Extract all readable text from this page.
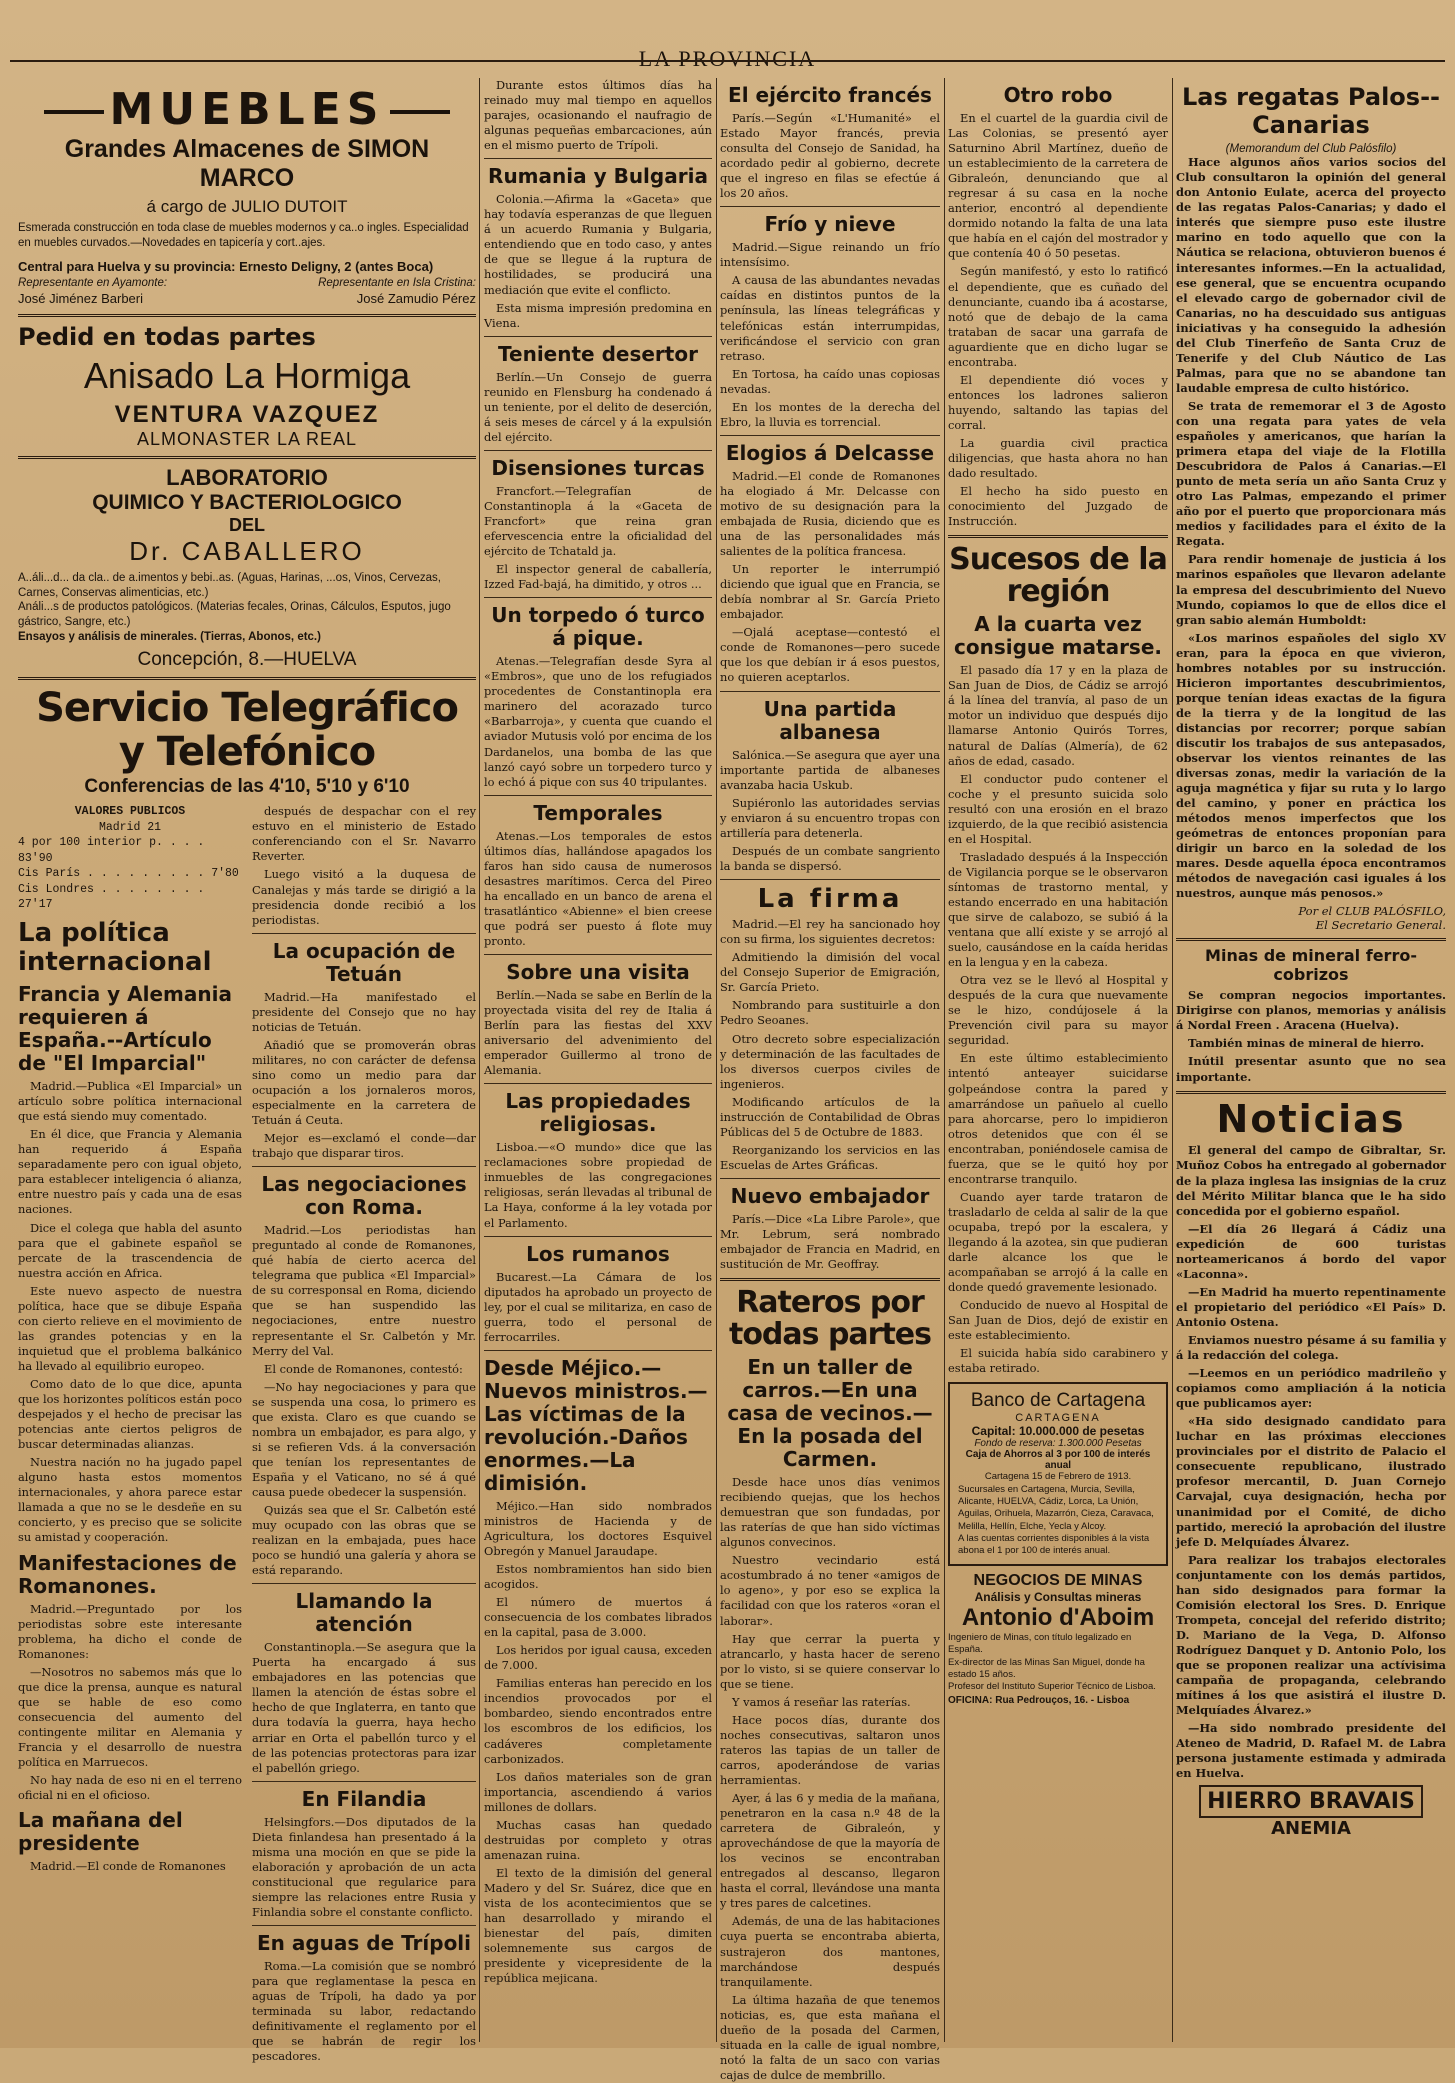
LA PROVINCIA
MUEBLES
Grandes Almacenes de SIMON MARCO
á cargo de JULIO DUTOIT
Esmerada construcción en toda clase de muebles modernos y ca..o ingles. Especialidad en muebles curvados.—Novedades en tapicería y cort..ajes.
Central para Huelva y su provincia: Ernesto Deligny, 2 (antes Boca)
Representante en Ayamonte:	Representante en Isla Cristina:
José Jiménez Barberi	José Zamudio Pérez
Pedid en todas partes
Anisado La Hormiga
VENTURA VAZQUEZ
ALMONASTER LA REAL
LABORATORIO
QUIMICO Y BACTERIOLOGICO
DEL
Dr. CABALLERO
A..áli...d... da cla.. de a.imentos y bebi..as. (Aguas, Harinas, ...os, Vinos, Cervezas, Carnes, Conservas alimenticias, etc.)
Análi...s de productos patológicos. (Materias fecales, Orinas, Cálculos, Esputos, jugo gástrico, Sangre, etc.)
Ensayos y análisis de minerales. (Tierras, Abonos, etc.)
Concepción, 8.—HUELVA
Servicio Telegráfico y Telefónico
Conferencias de las 4'10, 5'10 y 6'10
VALORES PUBLICOS
Madrid 21
4 por 100 interior p. . . . 83'90
Cis París . . . . . . . . . 7'80
Cis Londres . . . . . . . . 27'17
La política internacional
Francia y Alemania requieren á España.--Artículo de "El Imparcial"

Madrid.—Publica «El Imparcial» un artículo sobre política internacional que está siendo muy comentado.

En él dice, que Francia y Alemania han requerido á España separadamente pero con igual objeto, para establecer inteligencia ó alianza, entre nuestro país y cada una de esas naciones.

Dice el colega que habla del asunto para que el gabinete español se percate de la trascendencia de nuestra acción en Africa.

Este nuevo aspecto de nuestra política, hace que se dibuje España con cierto relieve en el movimiento de las grandes potencias y en la inquietud que el problema balkánico ha llevado al equilibrio europeo.

Como dato de lo que dice, apunta que los horizontes políticos están poco despejados y el hecho de precisar las potencias ante ciertos peligros de buscar determinadas alianzas.

Nuestra nación no ha jugado papel alguno hasta estos momentos internacionales, y ahora parece estar llamada a que no se le desdeñe en su concierto, y es preciso que se solicite su amistad y cooperación.

Manifestaciones de Romanones.

Madrid.—Preguntado por los periodistas sobre este interesante problema, ha dicho el conde de Romanones:

—Nosotros no sabemos más que lo que dice la prensa, aunque es natural que se hable de eso como consecuencia del aumento del contingente militar en Alemania y Francia y el desarrollo de nuestra política en Marruecos.

No hay nada de eso ni en el terreno oficial ni en el oficioso.

La mañana del presidente

Madrid.—El conde de Romanones

después de despachar con el rey estuvo en el ministerio de Estado conferenciando con el Sr. Navarro Reverter.

Luego visitó a la duquesa de Canalejas y más tarde se dirigió a la presidencia donde recibió a los periodistas.

La ocupación de Tetuán

Madrid.—Ha manifestado el presidente del Consejo que no hay noticias de Tetuán.

Añadió que se promoverán obras militares, no con carácter de defensa sino como un medio para dar ocupación a los jornaleros moros, especialmente en la carretera de Tetuán á Ceuta.

Mejor es—exclamó el conde—dar trabajo que disparar tiros.

Las negociaciones con Roma.

Madrid.—Los periodistas han preguntado al conde de Romanones, qué había de cierto acerca del telegrama que publica «El Imparcial» de su corresponsal en Roma, diciendo que se han suspendido las negociaciones, entre nuestro representante el Sr. Calbetón y Mr. Merry del Val.

El conde de Romanones, contestó:

—No hay negociaciones y para que se suspenda una cosa, lo primero es que exista. Claro es que cuando se nombra un embajador, es para algo, y si se refieren Vds. á la conversación que tenían los representantes de España y el Vaticano, no sé á qué causa puede obedecer la suspensión.

Quizás sea que el Sr. Calbetón esté muy ocupado con las obras que se realizan en la embajada, pues hace poco se hundió una galería y ahora se está reparando.

Llamando la atención

Constantinopla.—Se asegura que la Puerta ha encargado á sus embajadores en las potencias que llamen la atención de éstas sobre el hecho de que Inglaterra, en tanto que dura todavía la guerra, haya hecho arriar en Orta el pabellón turco y el de las potencias protectoras para izar el pabellón griego.

En Filandia

Helsingfors.—Dos diputados de la Dieta finlandesa han presentado á la misma una moción en que se pide la elaboración y aprobación de un acta constitucional que regularice para siempre las relaciones entre Rusia y Finlandia sobre el constante conflicto.

En aguas de Trípoli

Roma.—La comisión que se nombró para que reglamentase la pesca en aguas de Trípoli, ha dado ya por terminada su labor, redactando definitivamente el reglamento por el que se habrán de regir los pescadores.

Durante estos últimos días ha reinado muy mal tiempo en aquellos parajes, ocasionando el naufragio de algunas pequeñas embarcaciones, aún en el mismo puerto de Trípoli.

Rumania y Bulgaria

Colonia.—Afirma la «Gaceta» que hay todavía esperanzas de que lleguen á un acuerdo Rumania y Bulgaria, entendiendo que en todo caso, y antes de que se llegue á la ruptura de hostilidades, se producirá una mediación que evite el conflicto.

Esta misma impresión predomina en Viena.

Teniente desertor

Berlín.—Un Consejo de guerra reunido en Flensburg ha condenado á un teniente, por el delito de deserción, á seis meses de cárcel y á la expulsión del ejército.

Disensiones turcas

Francfort.—Telegrafían de Constantinopla á la «Gaceta de Francfort» que reina gran efervescencia entre la oficialidad del ejército de Tchatald ja.

El inspector general de caballería, Izzed Fad-bajá, ha dimitido, y otros ...

Un torpedo ó turco á pique.

Atenas.—Telegrafían desde Syra al «Embros», que uno de los refugiados procedentes de Constantinopla era marinero del acorazado turco «Barbarroja», y cuenta que cuando el aviador Mutusis voló por encima de los Dardanelos, una bomba de las que lanzó cayó sobre un torpedero turco y lo echó á pique con sus 40 tripulantes.

Temporales

Atenas.—Los temporales de estos últimos días, hallándose apagados los faros han sido causa de numerosos desastres marítimos. Cerca del Pireo ha encallado en un banco de arena el trasatlántico «Abienne» el bien creese que podrá ser puesto á flote muy pronto.

Sobre una visita

Berlín.—Nada se sabe en Berlín de la proyectada visita del rey de Italia á Berlín para las fiestas del XXV aniversario del advenimiento del emperador Guillermo al trono de Alemania.

Las propiedades religiosas.

Lisboa.—«O mundo» dice que las reclamaciones sobre propiedad de inmuebles de las congregaciones religiosas, serán llevadas al tribunal de La Haya, conforme á la ley votada por el Parlamento.

Los rumanos

Bucarest.—La Cámara de los diputados ha aprobado un proyecto de ley, por el cual se militariza, en caso de guerra, todo el personal de ferrocarriles.

Desde Méjico.—Nuevos ministros.—Las víctimas de la revolución.-Daños enormes.—La dimisión.

Méjico.—Han sido nombrados ministros de Hacienda y de Agricultura, los doctores Esquivel Obregón y Manuel Jaraudape.

Estos nombramientos han sido bien acogidos.

El número de muertos á consecuencia de los combates librados en la capital, pasa de 3.000.

Los heridos por igual causa, exceden de 7.000.

Familias enteras han perecido en los incendios provocados por el bombardeo, siendo encontrados entre los escombros de los edificios, los cadáveres completamente carbonizados.

Los daños materiales son de gran importancia, ascendiendo á varios millones de dollars.

Muchas casas han quedado destruidas por completo y otras amenazan ruina.

El texto de la dimisión del general Madero y del Sr. Suárez, dice que en vista de los acontecimientos que se han desarrollado y mirando el bienestar del país, dimiten solemnemente sus cargos de presidente y vicepresidente de la república mejicana.

El ejército francés

París.—Según «L'Humanité» el Estado Mayor francés, previa consulta del Consejo de Sanidad, ha acordado pedir al gobierno, decrete que el ingreso en filas se efectúe á los 20 años.

Frío y nieve

Madrid.—Sigue reinando un frío intensísimo.

A causa de las abundantes nevadas caídas en distintos puntos de la península, las líneas telegráficas y telefónicas están interrumpidas, verificándose el servicio con gran retraso.

En Tortosa, ha caído unas copiosas nevadas.

En los montes de la derecha del Ebro, la lluvia es torrencial.

Elogios á Delcasse

Madrid.—El conde de Romanones ha elogiado á Mr. Delcasse con motivo de su designación para la embajada de Rusia, diciendo que es una de las personalidades más salientes de la política francesa.

Un reporter le interrumpió diciendo que igual que en Francia, se debía nombrar al Sr. García Prieto embajador.

—Ojalá aceptase—contestó el conde de Romanones—pero sucede que los que debían ir á esos puestos, no quieren aceptarlos.

Una partida albanesa

Salónica.—Se asegura que ayer una importante partida de albaneses avanzaba hacia Uskub.

Supiéronlo las autoridades servias y enviaron á su encuentro tropas con artillería para detenerla.

Después de un combate sangriento la banda se dispersó.

La firma

Madrid.—El rey ha sancionado hoy con su firma, los siguientes decretos:

Admitiendo la dimisión del vocal del Consejo Superior de Emigración, Sr. García Prieto.

Nombrando para sustituirle a don Pedro Seoanes.

Otro decreto sobre especialización y determinación de las facultades de los diversos cuerpos civiles de ingenieros.

Modificando artículos de la instrucción de Contabilidad de Obras Públicas del 5 de Octubre de 1883.

Reorganizando los servicios en las Escuelas de Artes Gráficas.

Nuevo embajador

París.—Dice «La Libre Parole», que Mr. Lebrum, será nombrado embajador de Francia en Madrid, en sustitución de Mr. Geoffray.

Rateros por todas partes
En un taller de carros.—En una casa de vecinos.—En la posada del Carmen.

Desde hace unos días venimos recibiendo quejas, que los hechos demuestran que son fundadas, por las raterías de que han sido víctimas algunos convecinos.

Nuestro vecindario está acostumbrado á no tener «amigos de lo ageno», y por eso se explica la facilidad con que los rateros «oran el laborar».

Hay que cerrar la puerta y atrancarlo, y hasta hacer de sereno por lo visto, si se quiere conservar lo que se tiene.

Y vamos á reseñar las raterías.

Hace pocos días, durante dos noches consecutivas, saltaron unos rateros las tapias de un taller de carros, apoderándose de varias herramientas.

Ayer, á las 6 y media de la mañana, penetraron en la casa n.º 48 de la carretera de Gibraleón, y aprovechándose de que la mayoría de los vecinos se encontraban entregados al descanso, llegaron hasta el corral, llevándose una manta y tres pares de calcetines.

Además, de una de las habitaciones cuya puerta se encontraba abierta, sustrajeron dos mantones, marchándose después tranquilamente.

La última hazaña de que tenemos noticias, es, que esta mañana el dueño de la posada del Carmen, situada en la calle de igual nombre, notó la falta de un saco con varias cajas de dulce de membrillo.

Otro robo

En el cuartel de la guardia civil de Las Colonias, se presentó ayer Saturnino Abril Martínez, dueño de un establecimiento de la carretera de Gibraleón, denunciando que al regresar á su casa en la noche anterior, encontró al dependiente dormido notando la falta de una lata que había en el cajón del mostrador y que contenía 40 ó 50 pesetas.

Según manifestó, y esto lo ratificó el dependiente, que es cuñado del denunciante, cuando iba á acostarse, notó que de debajo de la cama trataban de sacar una garrafa de aguardiente que en dicho lugar se encontraba.

El dependiente dió voces y entonces los ladrones salieron huyendo, saltando las tapias del corral.

La guardia civil practica diligencias, que hasta ahora no han dado resultado.

El hecho ha sido puesto en conocimiento del Juzgado de Instrucción.

Sucesos de la región
A la cuarta vez consigue matarse.

El pasado día 17 y en la plaza de San Juan de Dios, de Cádiz se arrojó á la línea del tranvía, al paso de un motor un individuo que después dijo llamarse Antonio Quirós Torres, natural de Dalías (Almería), de 62 años de edad, casado.

El conductor pudo contener el coche y el presunto suicida solo resultó con una erosión en el brazo izquierdo, de la que recibió asistencia en el Hospital.

Trasladado después á la Inspección de Vigilancia porque se le observaron síntomas de trastorno mental, y estando encerrado en una habitación que sirve de calabozo, se subió á la ventana que allí existe y se arrojó al suelo, causándose en la caída heridas en la lengua y en la cabeza.

Otra vez se le llevó al Hospital y después de la cura que nuevamente se le hizo, condújosele á la Prevención civil para su mayor seguridad.

En este último establecimiento intentó anteayer suicidarse golpeándose contra la pared y amarrándose un pañuelo al cuello para ahorcarse, pero lo impidieron otros detenidos que con él se encontraban, poniéndosele camisa de fuerza, que se le quitó hoy por encontrarse tranquilo.

Cuando ayer tarde trataron de trasladarlo de celda al salir de la que ocupaba, trepó por la escalera, y llegando á la azotea, sin que pudieran darle alcance los que le acompañaban se arrojó á la calle en donde quedó gravemente lesionado.

Conducido de nuevo al Hospital de San Juan de Dios, dejó de existir en este establecimiento.

El suicida había sido carabinero y estaba retirado.

Banco de Cartagena
CARTAGENA
Capital: 10.000.000 de pesetas
Fondo de reserva: 1.300.000 Pesetas
Caja de Ahorros al 3 por 100 de interés anual
Cartagena 15 de Febrero de 1913.
Sucursales en Cartagena, Murcia, Sevilla, Alicante, HUELVA, Cádiz, Lorca, La Unión, Aguilas, Orihuela, Mazarrón, Cieza, Caravaca, Melilla, Hellín, Elche, Yecla y Alcoy.
A las cuentas corrientes disponibles á la vista abona el 1 por 100 de interés anual.
NEGOCIOS DE MINAS
Análisis y Consultas mineras
Antonio d'Aboim
Ingeniero de Minas, con título legalizado en España.
Ex-director de las Minas San Miguel, donde ha estado 15 años.
Profesor del Instituto Superior Técnico de Lisboa.
OFICINA: Rua Pedrouços, 16. - Lisboa
Las regatas Palos--Canarias
(Memorandum del Club Palósfilo)

Hace algunos años varios socios del Club consultaron la opinión del general don Antonio Eulate, acerca del proyecto de las regatas Palos-Canarias; y dado el interés que siempre puso este ilustre marino en todo aquello que con la Náutica se relaciona, obtuvieron buenos é interesantes informes.—En la actualidad, ese general, que se encuentra ocupando el elevado cargo de gobernador civil de Canarias, no ha descuidado sus antiguas iniciativas y ha conseguido la adhesión del Club Tinerfeño de Santa Cruz de Tenerife y del Club Náutico de Las Palmas, para que no se abandone tan laudable empresa de culto histórico.

Se trata de rememorar el 3 de Agosto con una regata para yates de vela españoles y americanos, que harían la primera etapa del viaje de la Flotilla Descubridora de Palos á Canarias.—El punto de meta sería un año Santa Cruz y otro Las Palmas, empezando el primer año por el puerto que proporcionara más medios y facilidades para el éxito de la Regata.

Para rendir homenaje de justicia á los marinos españoles que llevaron adelante la empresa del descubrimiento del Nuevo Mundo, copiamos lo que de ellos dice el gran sabio alemán Humboldt:

«Los marinos españoles del siglo XV eran, para la época en que vivieron, hombres notables por su instrucción. Hicieron importantes descubrimientos, porque tenían ideas exactas de la figura de la tierra y de la longitud de las distancias por recorrer; porque sabían discutir los trabajos de sus antepasados, observar los vientos reinantes de las diversas zonas, medir la variación de la aguja magnética y fijar su ruta y lo largo del camino, y poner en práctica los métodos menos imperfectos que los geómetras de entonces proponían para dirigir un barco en la soledad de los mares. Desde aquella época encontramos métodos de navegación casi iguales á los nuestros, aunque más penosos.»

Por el CLUB PALÓSFILO,
El Secretario General.
Minas de mineral ferro-cobrizos

Se compran negocios importantes. Dirigirse con planos, memorias y análisis á Nordal Freen . Aracena (Huelva).

También minas de mineral de hierro.

Inútil presentar asunto que no sea importante.

Noticias

El general del campo de Gibraltar, Sr. Muñoz Cobos ha entregado al gobernador de la plaza inglesa las insignias de la cruz del Mérito Militar blanca que le ha sido concedida por el gobierno español.

—El día 26 llegará á Cádiz una expedición de 600 turistas norteamericanos á bordo del vapor «Laconna».

—En Madrid ha muerto repentinamente el propietario del periódico «El País» D. Antonio Ostena.

Enviamos nuestro pésame á su familia y á la redacción del colega.

—Leemos en un periódico madrileño y copiamos como ampliación á la noticia que publicamos ayer:

«Ha sido designado candidato para luchar en las próximas elecciones provinciales por el distrito de Palacio el consecuente republicano, ilustrado profesor mercantil, D. Juan Cornejo Carvajal, cuya designación, hecha por unanimidad por el Comité, de dicho partido, mereció la aprobación del ilustre jefe D. Melquíades Álvarez.

Para realizar los trabajos electorales conjuntamente con los demás partidos, han sido designados para formar la Comisión electoral los Sres. D. Enrique Trompeta, concejal del referido distrito; D. Mariano de la Vega, D. Alfonso Rodríguez Danquet y D. Antonio Polo, los que se proponen realizar una actívisima campaña de propaganda, celebrando mítines á los que asistirá el ilustre D. Melquíades Álvarez.»

—Ha sido nombrado presidente del Ateneo de Madrid, D. Rafael M. de Labra persona justamente estimada y admirada en Huelva.

HIERRO BRAVAIS
ANEMIA
